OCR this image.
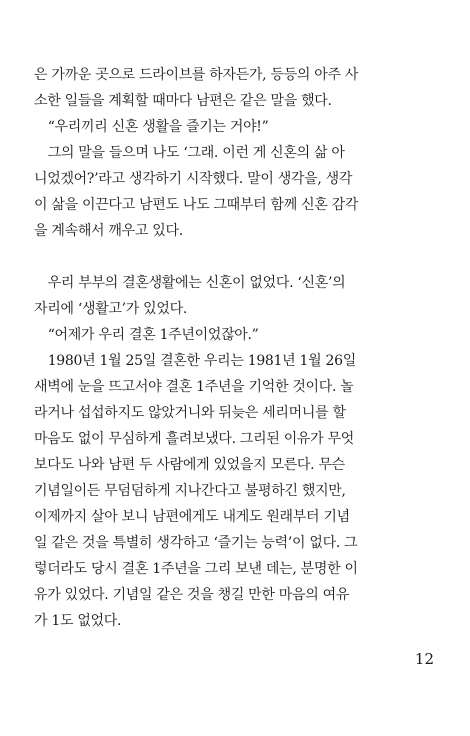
은 가까운 곳으로 드라이브를 하자든가, 등등의 아주 사
소한 일들을 계획할 때마다 남편은 같은 말을 했다.
　“우리끼리 신혼 생활을 즐기는 거야!”
　그의 말을 들으며 나도 ‘그래. 이런 게 신혼의 삶 아
니었겠어?’라고 생각하기 시작했다. 말이 생각을, 생각
이 삶을 이끈다고 남편도 나도 그때부터 함께 신혼 감각
을 계속해서 깨우고 있다.
　우리 부부의 결혼생활에는 신혼이 없었다. ‘신혼’의
자리에 ‘생활고’가 있었다.
　“어제가 우리 결혼 1주년이었잖아.”
　1980년 1월 25일 결혼한 우리는 1981년 1월 26일
새벽에 눈을 뜨고서야 결혼 1주년을 기억한 것이다. 놀
라거나 섭섭하지도 않았거니와 뒤늦은 세리머니를 할
마음도 없이 무심하게 흘려보냈다. 그리된 이유가 무엇
보다도 나와 남편 두 사람에게 있었을지 모른다. 무슨
기념일이든 무덤덤하게 지나간다고 불평하긴 했지만,
이제까지 살아 보니 남편에게도 내게도 원래부터 기념
일 같은 것을 특별히 생각하고 ‘즐기는 능력’이 없다. 그
렇더라도 당시 결혼 1주년을 그리 보낸 데는, 분명한 이
유가 있었다. 기념일 같은 것을 챙길 만한 마음의 여유
가 1도 없었다.
12
